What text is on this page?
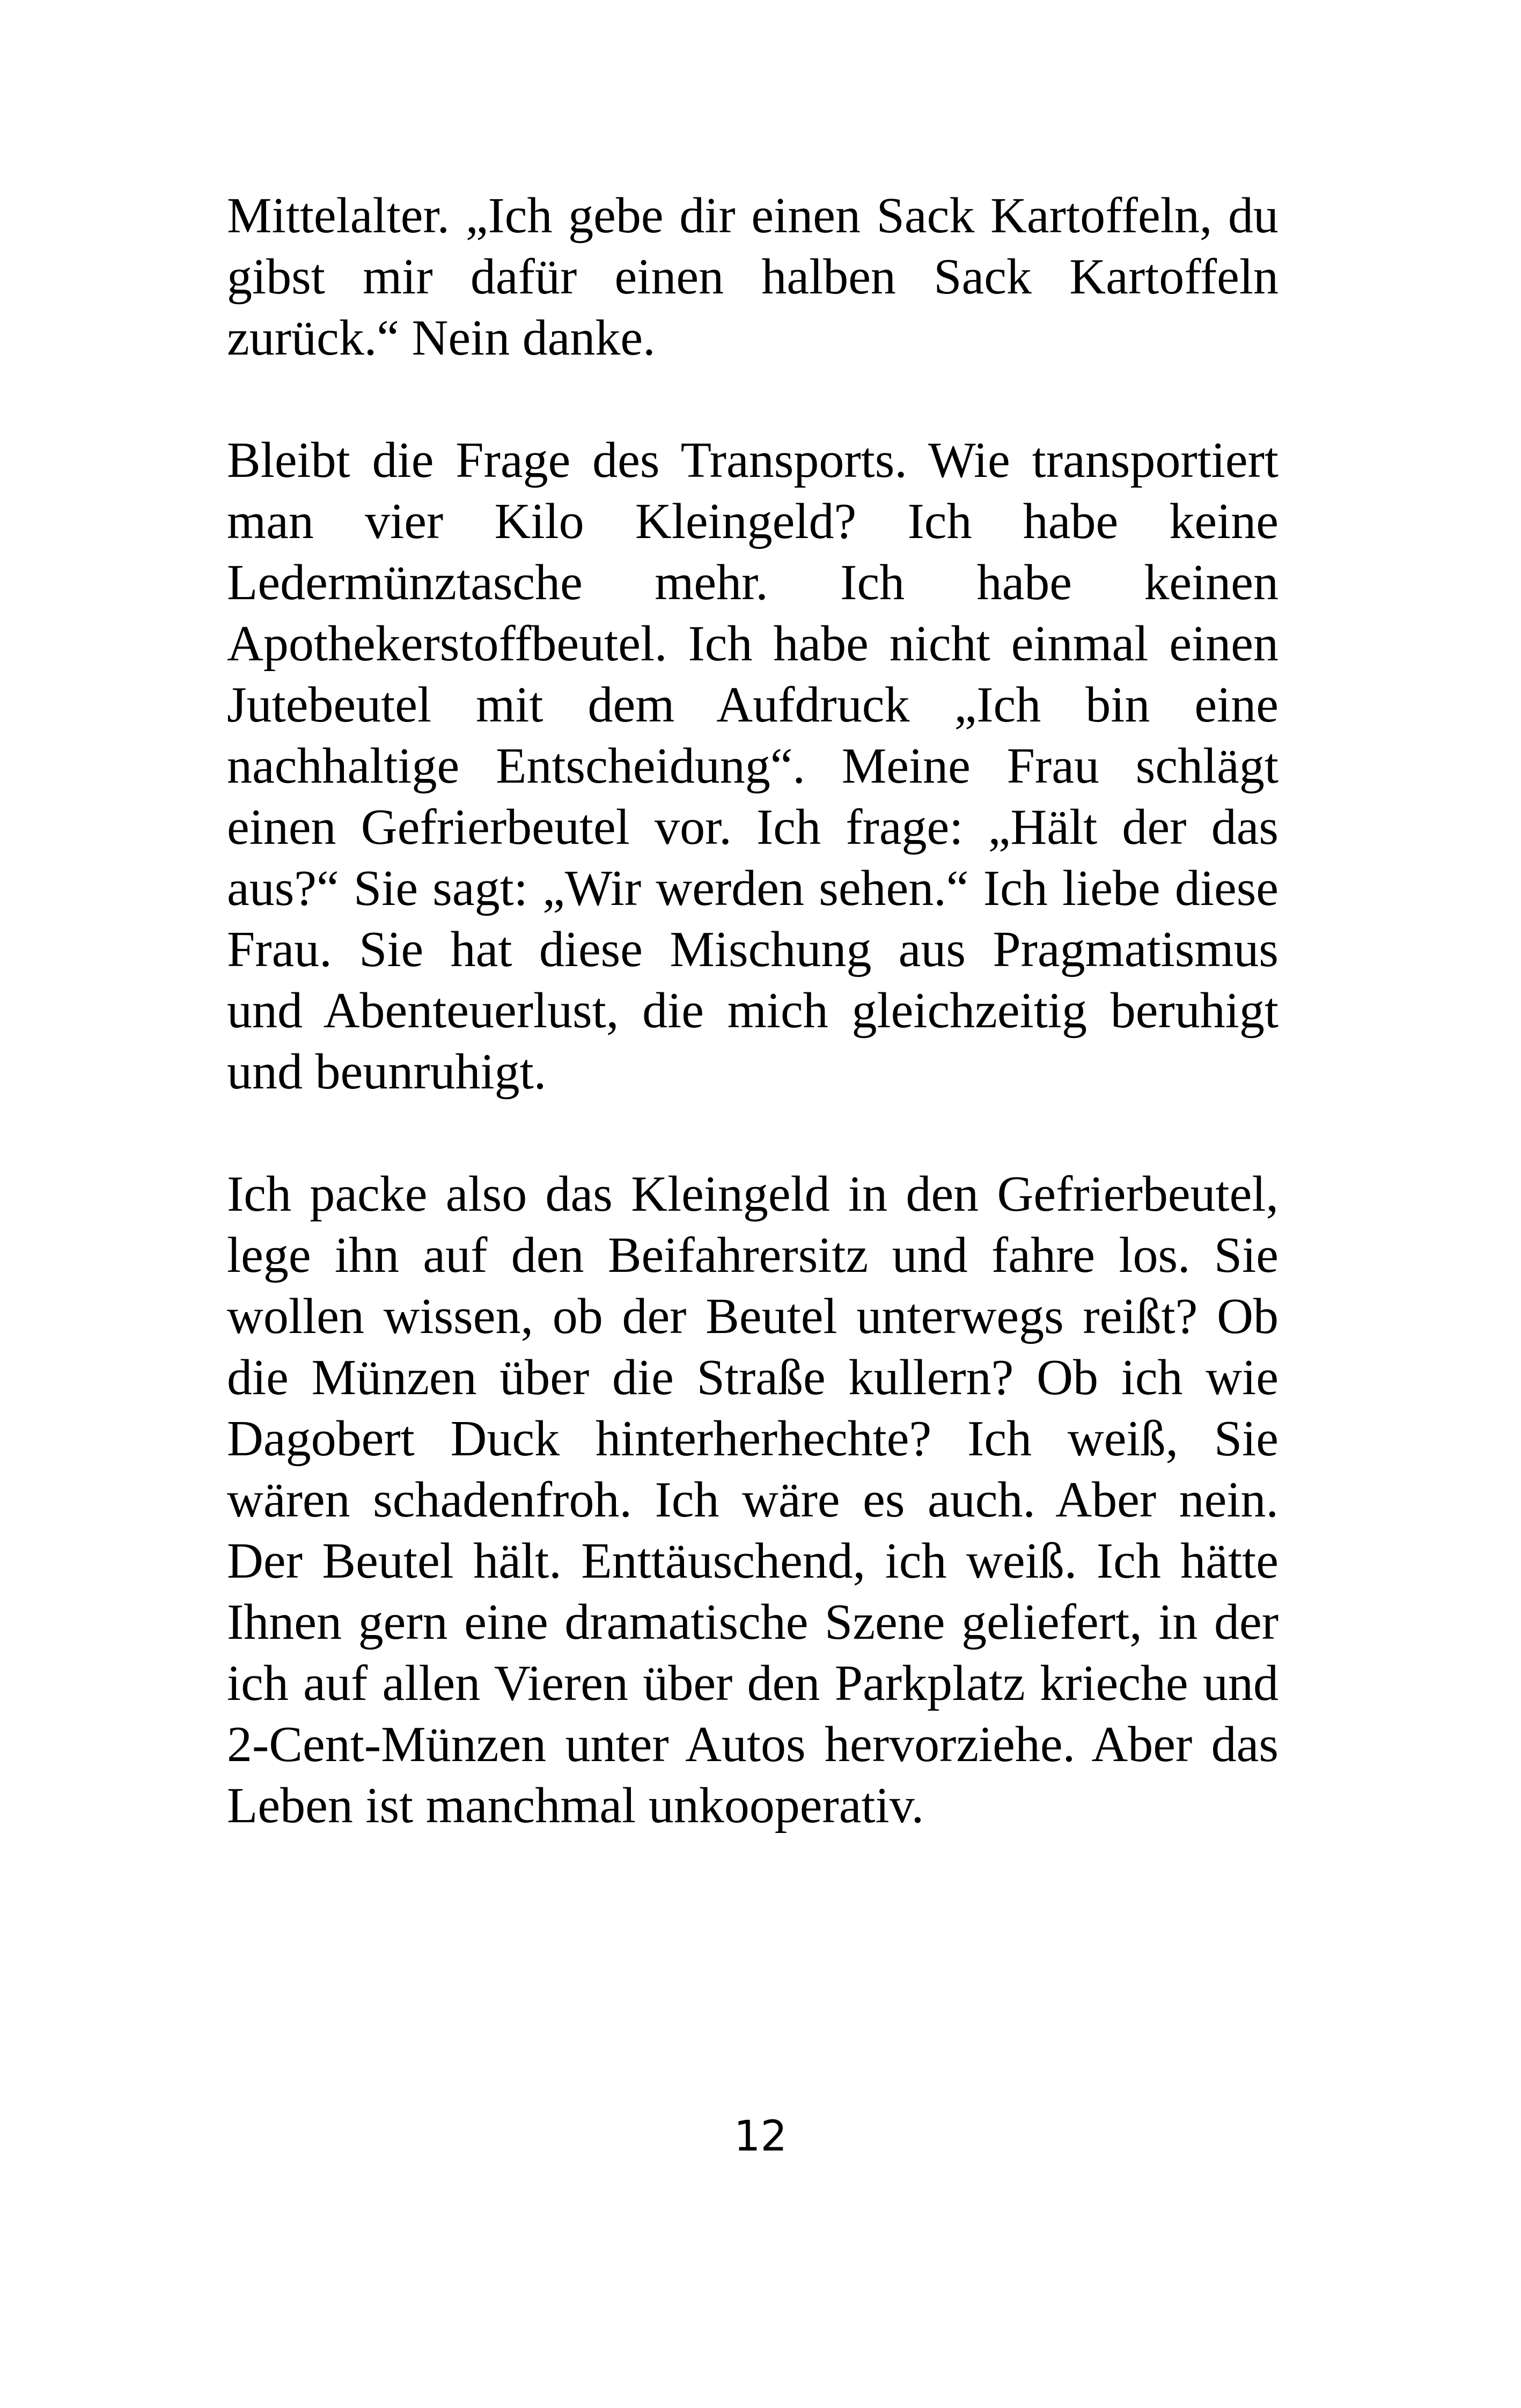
Mittelalter. „Ich gebe dir einen Sack Kartoffeln, du gibst mir dafür einen halben Sack Kartoffeln zurück.“ Nein danke.

Bleibt die Frage des Transports. Wie transportiert man vier Kilo Kleingeld? Ich habe keine Ledermünztasche mehr. Ich habe keinen Apothekerstoffbeutel. Ich habe nicht einmal einen Jutebeutel mit dem Aufdruck „Ich bin eine nachhaltige Entscheidung“. Meine Frau schlägt einen Gefrierbeutel vor. Ich frage: „Hält der das aus?“ Sie sagt: „Wir werden sehen.“ Ich liebe diese Frau. Sie hat diese Mischung aus Pragmatismus und Abenteuerlust, die mich gleichzeitig beruhigt und beunruhigt.

Ich packe also das Kleingeld in den Gefrierbeutel, lege ihn auf den Beifahrersitz und fahre los. Sie wollen wissen, ob der Beutel unterwegs reißt? Ob die Münzen über die Straße kullern? Ob ich wie Dagobert Duck hinterherhechte? Ich weiß, Sie wären schadenfroh. Ich wäre es auch. Aber nein. Der Beutel hält. Enttäuschend, ich weiß. Ich hätte Ihnen gern eine dramatische Szene geliefert, in der ich auf allen Vieren über den Parkplatz krieche und 2-Cent-Münzen unter Autos hervorziehe. Aber das Leben ist manchmal unkooperativ.

12
